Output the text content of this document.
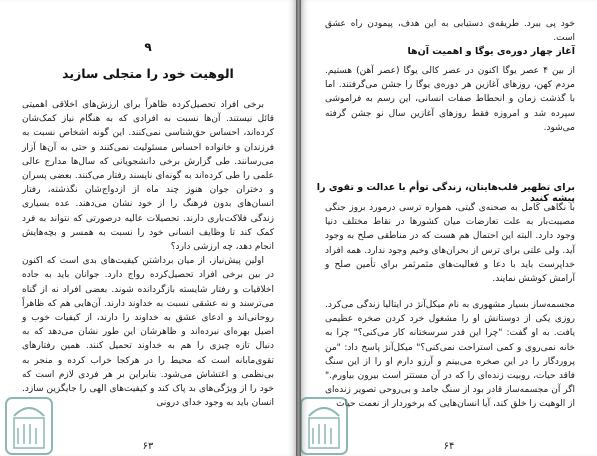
۹
الوهیت خود را متجلی سازید

برخی افراد تحصیل‌کرده ظاهراً برای ارزش‌های اخلاقی اهمیتی قائل نیستند. آن‌ها نسبت به افرادی که به هنگام نیاز کمک‌شان کرده‌اند، احساس حق‌شناسی نمی‌کنند. این گونه اشخاص نسبت به فرزندان و خانواده احساس مسئولیت نمی‌کنند و حتی به آن‌ها آزار می‌رسانند. طی گزارش برخی دانشجویانی که سال‌ها مدارج عالی علمی را طی کرده‌اند به گونه‌ای ناپسند رفتار می‌کنند. بعضی پسران و دختران جوان هنوز چند ماه از ازدواج‌شان نگذشته، رفتار انسان‌های بدون فرهنگ را از خود نشان می‌دهند. عده بسیاری زندگی فلاکت‌باری دارند. تحصیلات عالیه درصورتی که نتواند به فرد کمک کند تا وظایف انسانی خود را نسبت به همسر و بچه‌هایش انجام دهد، چه ارزشی دارد؟

اولین پیش‌نیاز، از میان برداشتن کیفیت‌های بدی است که اکنون در بین برخی افراد تحصیل‌کرده رواج دارد. جوانان باید به جاده اخلاقیات و رفتار شایسته بازگردانده شوند. بعضی افراد نه از گناه می‌ترسند و نه عشقی نسبت به خداوند دارند. آن‌هایی هم که ظاهراً روحانی‌اند و ادعای عشق به خداوند را دارند، از کیفیات خوب و اصیل بهره‌ای نبرده‌اند و ظاهرشان این طور نشان می‌دهد که به دنبال تازه چیزی را هم به خداوند تحمیل کنند. همین رفتارهای تقوی‌مابانه است که محیط را در هرکجا خراب کرده و منجر به بی‌نظمی و اغتشاش می‌شود. بنابراین بر هر فردی لازم است که خود را از ویژگی‌های بد پاک کند و کیفیت‌های الهی را جایگزین سازد. انسان باید به وجود خدای درونی

۶۳
خود پی ببرد. طریقه‌ی دستیابی به این هدف، پیمودن راه عشق است.
آغاز چهار دوره‌ی یوگا و اهمیت آن‌ها
از بین ۴ عصر یوگا اکنون در عصر کالی یوگا (عصر آهن) هستیم. مردم کهن، روزهای آغازین هر دوره‌ی یوگا را جشن می‌گرفتند. اما با گذشت زمان و انحطاط صفات انسانی، این رسم به فراموشی سپرده شد و امروزه فقط روزهای آغازین سال نو جشن گرفته می‌شود.
برای تطهیر قلب‌هایتان، زندگی توأم با عدالت و تقوی را پیشه کنید
با نگاهی کامل به صحنه‌ی گیتی، همواره ترسی درمورد بروز جنگی مصیبت‌بار به علت تعارضات میان کشورها در نقاط مختلف دنیا وجود دارد. البته این احتمال هم هست که در مناطقی صلح به وجود آید. ولی علتی برای ترس از بحران‌های وخیم وجود ندارد. همه افراد خداپرست باید با دعا و فعالیت‌های مثمرثمر برای تأمین صلح و آرامش کوشش نمایند.
مجسمه‌ساز بسیار مشهوری به نام میکل‌آنژ در ایتالیا زندگی می‌کرد. روزی یکی از دوستانش او را مشغول خرد کردن صخره عظیمی یافت. به او گفت: "چرا این قدر سرسختانه کار می‌کنی؟" چرا به خانه نمی‌روی و کمی استراحت نمی‌کنی؟" میکل‌آنژ پاسخ داد: "من پروردگار را در این صخره می‌بینم و آرزو دارم او را از این سنگ فاقد حیات، روبیت زنده‌ای را که در آن مستتر است بیرون بیاورم." اگر آن مجسمه‌ساز قادر بود از سنگ جامد و بی‌روحی تصویر زنده‌ای از الوهیت را خلق کند، آیا انسان‌هایی که برخوردار از نعمت حیات
۶۴
